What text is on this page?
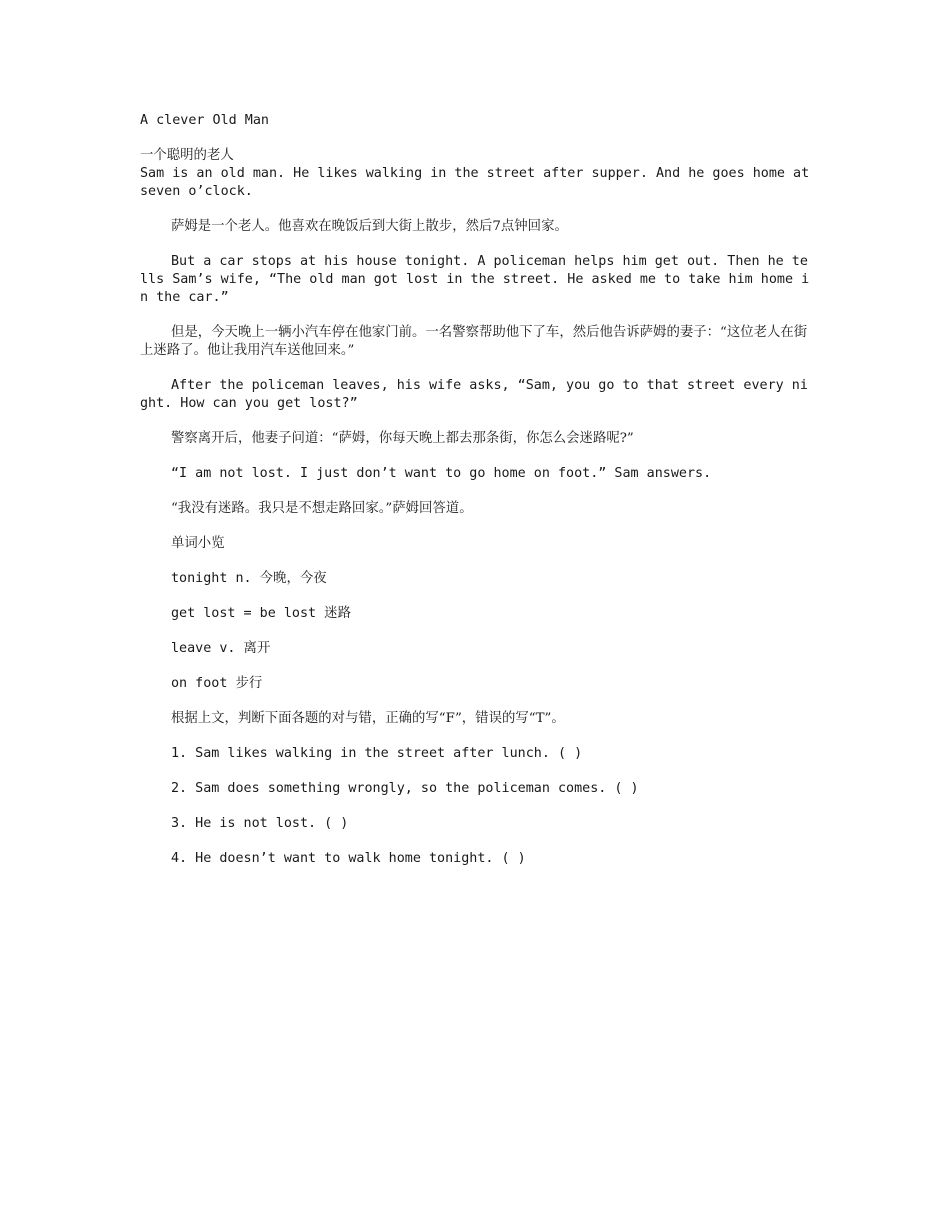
A clever Old Man

一个聪明的老人

Sam is an old man. He likes walking in the street after supper. And he goes home at seven o’clock.

萨姆是一个老人。他喜欢在晚饭后到大街上散步，然后7点钟回家。

But a car stops at his house tonight. A policeman helps him get out. Then he tells Sam’s wife, “The old man got lost in the street. He asked me to take him home in the car.”

但是，今天晚上一辆小汽车停在他家门前。一名警察帮助他下了车，然后他告诉萨姆的妻子：“这位老人在街上迷路了。他让我用汽车送他回来。”

After the policeman leaves, his wife asks, “Sam, you go to that street every night. How can you get lost?”

警察离开后，他妻子问道：“萨姆，你每天晚上都去那条街，你怎么会迷路呢?”

“I am not lost. I just don’t want to go home on foot.” Sam answers.

“我没有迷路。我只是不想走路回家。”萨姆回答道。

单词小览

tonight n. 今晚，今夜

get lost = be lost 迷路

leave v. 离开

on foot 步行

根据上文，判断下面各题的对与错，正确的写“F”，错误的写“T”。

1. Sam likes walking in the street after lunch. ( )

2. Sam does something wrongly, so the policeman comes. ( )

3. He is not lost. ( )

4. He doesn’t want to walk home tonight. ( )
